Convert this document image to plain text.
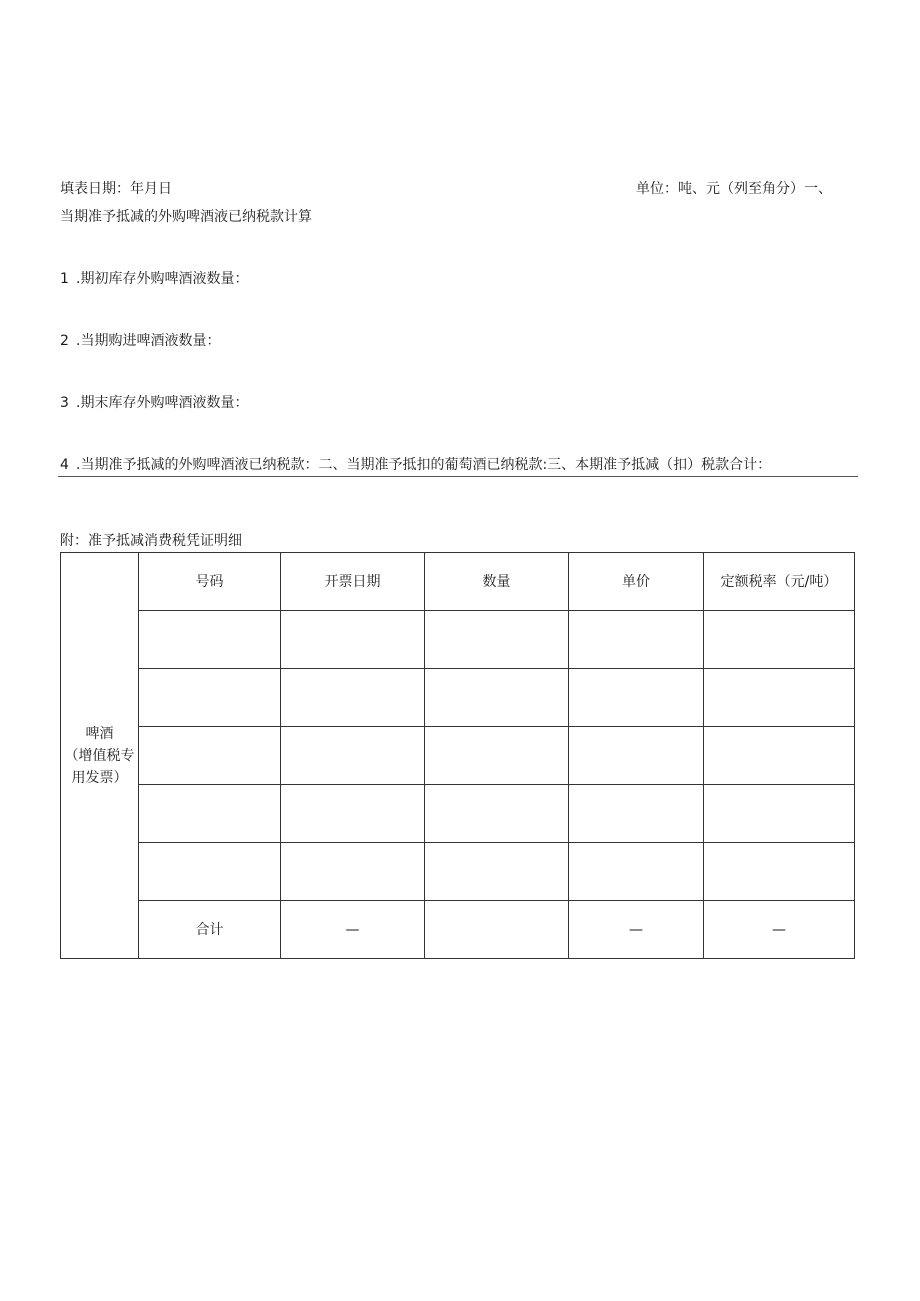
填表日期：年月日	单位：吨、元（列至角分）一、
当期准予抵减的外购啤酒液已纳税款计算
1 .期初库存外购啤酒液数量：
2 .当期购进啤酒液数量：
3 .期末库存外购啤酒液数量：
4 .当期准予抵减的外购啤酒液已纳税款：二、当期准予抵扣的葡萄酒已纳税款:三、本期准予抵减（扣）税款合计：
附：准予抵减消费税凭证明细
啤酒
（增值税专
用发票）	号码	开票日期	数量	单价	定额税率（元/吨）

	合计	—		—	—
